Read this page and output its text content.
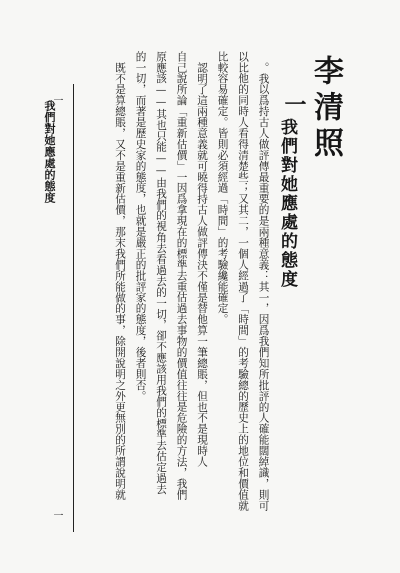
我們對她應處的態度
一
一
。我以爲持古人做評傳最重要的是兩種意義：其一，因爲我們知所批評的人確能闊綽識，則可
以比他的同時人看得清楚些；又其二，一個人經過了「時間」的考驗總的歷史上的地位和價值就
比較容易確定。皆則必須經過「時間」的考驗纔能確定。
認明了這兩種意義就可曉得持古人做評傳決不僅是替他算一筆總賬，但也不是現時人
自己說所論「重新估價」一因爲拿現在的標準去重估過去事物的價值往往是危險的方法，我們
原應該——其也只能——由我們的視角去看過去的一切，卻不應該用我們的標準去估定過去
的一切，而著是歷史家的態度，也就是嚴正的批評家的態度，後者則否。
既不是算總賬，又不是重新估價，那末我們所能做的事，除開說明之外更無別的所謂說明就	我們對她應處的態度
一 李清照
